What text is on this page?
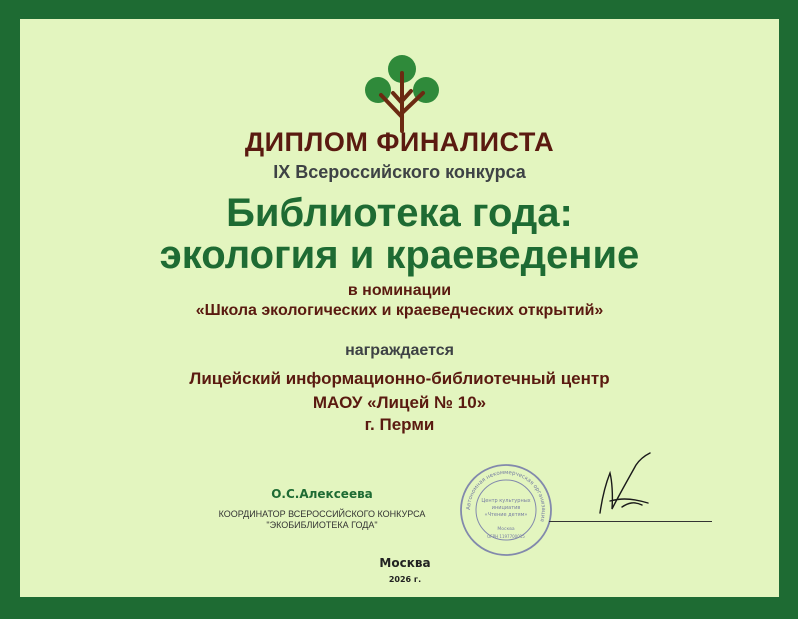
ДИПЛОМ ФИНАЛИСТА
IX Всероссийского конкурса
Библиотека года:
экология и краеведение
в номинации
«Школа экологических и краеведческих открытий»
награждается
Лицейский информационно-библиотечный центр
МАОУ «Лицей № 10»
г. Перми
О.С.Алексеева
КООРДИНАТОР ВСЕРОССИЙСКОГО КОНКУРСА
"ЭКОБИБЛИОТЕКА ГОДА"
Москва
2026 г.
Автономная некоммерческая организация
Центр культурных
инициатив
«Чтение детям»
Москва
ОГРН 1197700015
